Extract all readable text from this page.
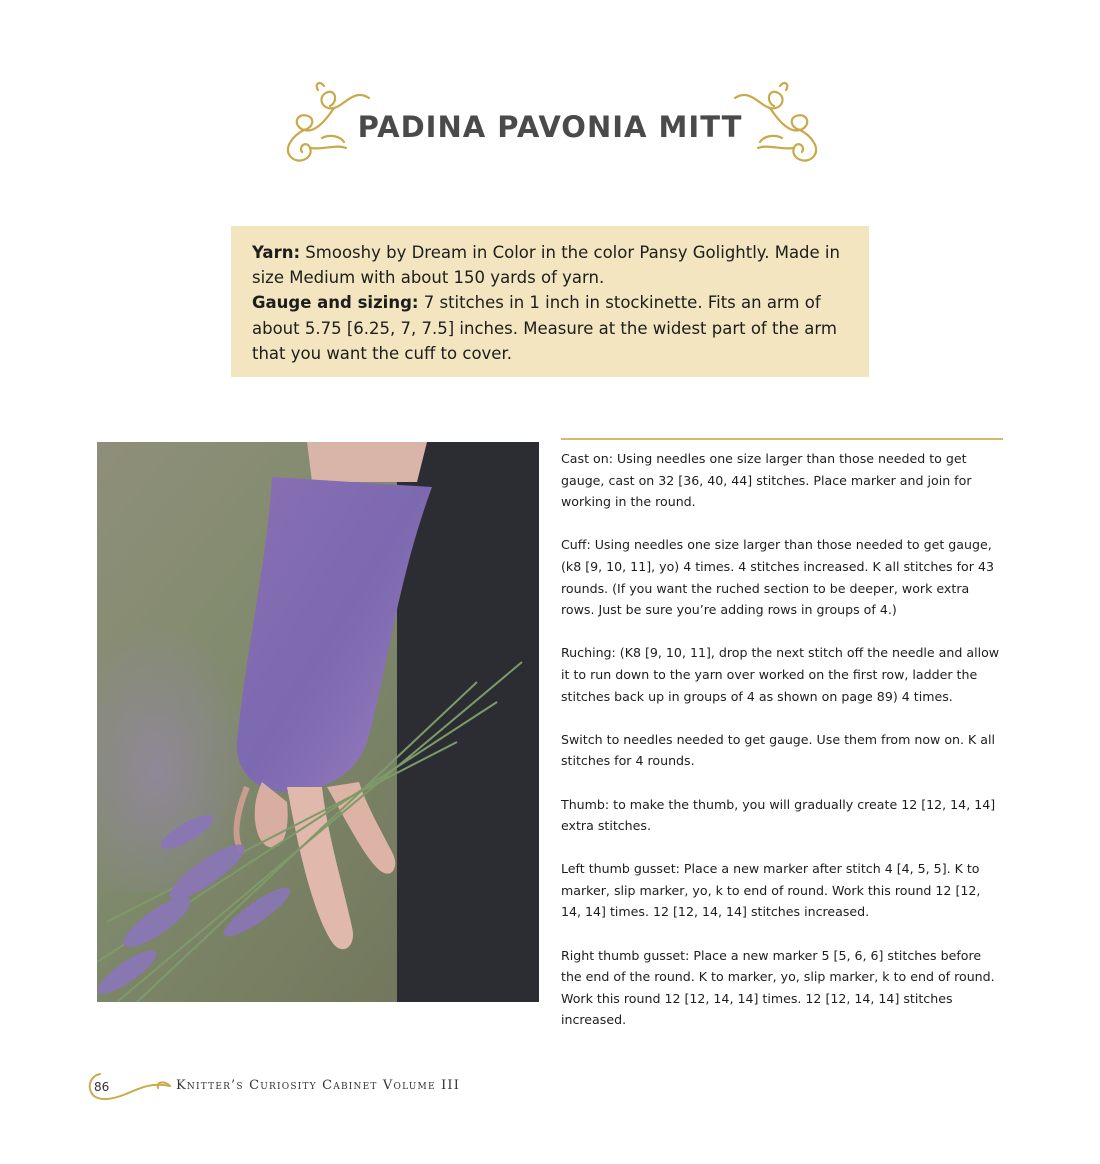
PADINA PAVONIA MITT
Yarn: Smooshy by Dream in Color in the color Pansy Golightly. Made in size Medium with about 150 yards of yarn.
Gauge and sizing: 7 stitches in 1 inch in stockinette. Fits an arm of about 5.75 [6.25, 7, 7.5] inches. Measure at the widest part of the arm that you want the cuff to cover.

Cast on: Using needles one size larger than those needed to get gauge, cast on 32 [36, 40, 44] stitches. Place marker and join for working in the round.

Cuff: Using needles one size larger than those needed to get gauge, (k8 [9, 10, 11], yo) 4 times. 4 stitches increased. K all stitches for 43 rounds. (If you want the ruched section to be deeper, work extra rows. Just be sure you’re adding rows in groups of 4.)

Ruching: (K8 [9, 10, 11], drop the next stitch off the needle and allow it to run down to the yarn over worked on the first row, ladder the stitches back up in groups of 4 as shown on page 89) 4 times.

Switch to needles needed to get gauge. Use them from now on. K all stitches for 4 rounds.

Thumb: to make the thumb, you will gradually create 12 [12, 14, 14] extra stitches.

Left thumb gusset: Place a new marker after stitch 4 [4, 5, 5]. K to marker, slip marker, yo, k to end of round. Work this round 12 [12, 14, 14] times. 12 [12, 14, 14] stitches increased.

Right thumb gusset: Place a new marker 5 [5, 6, 6] stitches before the end of the round. K to marker, yo, slip marker, k to end of round. Work this round 12 [12, 14, 14] times. 12 [12, 14, 14] stitches increased.

86	Knitter’s Curiosity Cabinet Volume III
